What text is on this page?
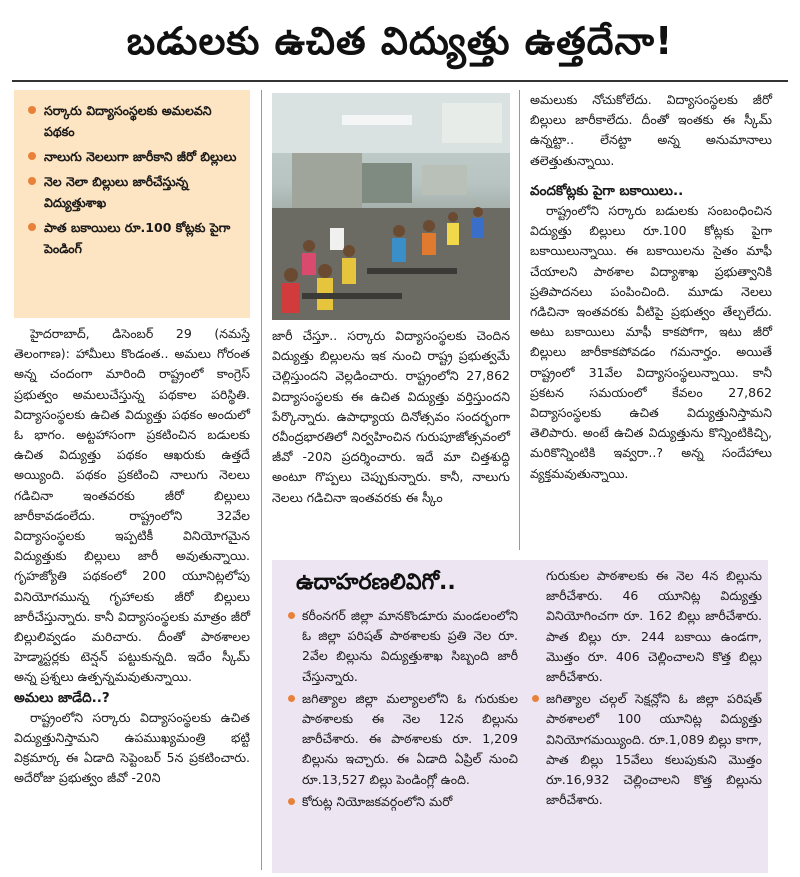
బడులకు ఉచిత విద్యుత్తు ఉత్తదేనా!
సర్కారు విద్యాసంస్థలకు అమలవని పథకం
నాలుగు నెలలుగా జారీకాని జీరో బిల్లులు
నెల నెలా బిల్లులు జారీచేస్తున్న విద్యుత్తుశాఖ
పాత బకాయిలు రూ.100 కోట్లకు పైగా పెండింగ్

హైదరాబాద్, డిసెంబర్ 29 (నమస్తే తెలంగాణ): హామీలు కొండంత.. అమలు గోరంత అన్న చందంగా మారింది రాష్ట్రంలో కాంగ్రెస్ ప్రభుత్వం అమలుచేస్తున్న పథకాల పరిస్థితి. విద్యాసంస్థలకు ఉచిత విద్యుత్తు పథకం అందులో ఓ భాగం. అట్టహాసంగా ప్రకటించిన బడులకు ఉచిత విద్యుత్తు పథకం ఆఖరుకు ఉత్తదే అయ్యింది. పథకం ప్రకటించి నాలుగు నెలలు గడిచినా ఇంతవరకు జీరో బిల్లులు జారీకావడంలేదు. రాష్ట్రంలోని 32వేల విద్యాసంస్థలకు ఇప్పటికీ వినియోగమైన విద్యుత్తుకు బిల్లులు జారీ అవుతున్నాయి. గృహజ్యోతి పథకంలో 200 యూనిట్లలోపు వినియోగమున్న గృహాలకు జీరో బిల్లులు జారీచేస్తున్నారు. కానీ విద్యాసంస్థలకు మాత్రం జీరో బిల్లులివ్వడం మరిచారు. దీంతో పాఠశాలల హెడ్మాస్టర్లకు టెన్షన్ పట్టుకున్నది. ఇదేం స్కీమ్ అన్న ప్రశ్నలు ఉత్పన్నమవుతున్నాయి.

అమలు జాడేది..?

రాష్ట్రంలోని సర్కారు విద్యాసంస్థలకు ఉచిత విద్యుత్తునిస్తామని ఉపముఖ్యమంత్రి భట్టి విక్రమార్క ఈ ఏడాది సెప్టెంబర్ 5న ప్రకటించారు. అదేరోజు ప్రభుత్వం జీవో -20ని

జారీ చేస్తూ.. సర్కారు విద్యాసంస్థలకు చెందిన విద్యుత్తు బిల్లులను ఇక నుంచి రాష్ట్ర ప్రభుత్వమే చెల్లిస్తుందని వెల్లడించారు. రాష్ట్రంలోని 27,862 విద్యాసంస్థలకు ఈ ఉచిత విద్యుత్తు వర్తిస్తుందని పేర్కొన్నారు. ఉపాధ్యాయ దినోత్సవం సందర్భంగా రవీంద్రభారతిలో నిర్వహించిన గురుపూజోత్సవంలో జీవో -20ని ప్రదర్శించారు. ఇదే మా చిత్తశుద్ధి అంటూ గొప్పలు చెప్పుకున్నారు. కానీ, నాలుగు నెలలు గడిచినా ఇంతవరకు ఈ స్కీం

అమలుకు నోచుకోలేదు. విద్యాసంస్థలకు జీరో బిల్లులు జారీకాలేదు. దీంతో ఇంతకు ఈ స్కీమ్ ఉన్నట్టా.. లేనట్టా అన్న అనుమానాలు తలెత్తుతున్నాయి.

వందకోట్లకు పైగా బకాయిలు..

రాష్ట్రంలోని సర్కారు బడులకు సంబంధించిన విద్యుత్తు బిల్లులు రూ.100 కోట్లకు పైగా బకాయిలున్నాయి. ఈ బకాయిలను సైతం మాఫీ చేయాలని పాఠశాల విద్యాశాఖ ప్రభుత్వానికి ప్రతిపాదనలు పంపించింది. మూడు నెలలు గడిచినా ఇంతవరకు వీటిపై ప్రభుత్వం తేల్చలేదు. అటు బకాయిలు మాఫీ కాకపోగా, ఇటు జీరో బిల్లులు జారీకాకపోవడం గమనార్హం. అయితే రాష్ట్రంలో 31వేల విద్యాసంస్థలున్నాయి. కానీ ప్రకటన సమయంలో కేవలం 27,862 విద్యాసంస్థలకు ఉచిత విద్యుత్తునిస్తామని తెలిపారు. అంటే ఉచిత విద్యుత్తును కొన్నింటికిచ్చి, మరికొన్నింటికి ఇవ్వరా..? అన్న సందేహాలు వ్యక్తమవుతున్నాయి.

ఉదాహరణలివిగో..
కరీంనగర్ జిల్లా మానకొండూరు మండలంలోని ఓ జిల్లా పరిషత్ పాఠశాలకు ప్రతి నెల రూ. 2వేల బిల్లును విద్యుత్తుశాఖ సిబ్బంది జారీ చేస్తున్నారు.
జగిత్యాల జిల్లా మల్యాలలోని ఓ గురుకుల పాఠశాలకు ఈ నెల 12న బిల్లును జారీచేశారు. ఈ పాఠశాలకు రూ. 1,209 బిల్లును ఇచ్చారు. ఈ ఏడాది ఏప్రిల్ నుంచి రూ.13,527 బిల్లు పెండింగ్లో ఉంది.
కోరుట్ల నియోజకవర్గంలోని మరో

గురుకుల పాఠశాలకు ఈ నెల 4న బిల్లును జారీచేశారు. 46 యూనిట్ల విద్యుత్తు వినియోగించగా రూ. 162 బిల్లు జారీచేశారు. పాత బిల్లు రూ. 244 బకాయి ఉండగా, మొత్తం రూ. 406 చెల్లించాలని కొత్త బిల్లు జారీచేశారు.

జగిత్యాల చల్గల్ సెక్షన్లోని ఓ జిల్లా పరిషత్ పాఠశాలలో 100 యూనిట్ల విద్యుత్తు వినియోగమయ్యింది. రూ.1,089 బిల్లు కాగా, పాత బిల్లు 15వేలు కలుపుకుని మొత్తం రూ.16,932 చెల్లించాలని కొత్త బిల్లును జారీచేశారు.
